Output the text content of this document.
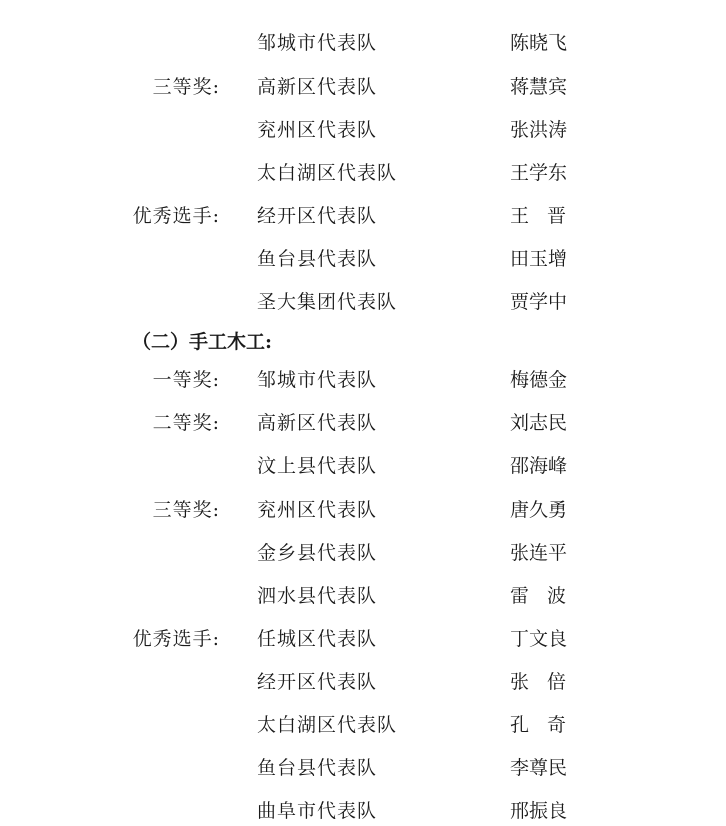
邹城市代表队	陈晓飞
三等奖: 高新区代表队	蒋慧宾
兖州区代表队	张洪涛
太白湖区代表队	王学东
优秀选手: 经开区代表队	王 晋
鱼台县代表队	田玉增
圣大集团代表队	贾学中
（二）手工木工:
一等奖: 邹城市代表队	梅德金
二等奖: 高新区代表队	刘志民
汶上县代表队	邵海峰
三等奖: 兖州区代表队	唐久勇
金乡县代表队	张连平
泗水县代表队	雷 波
优秀选手: 任城区代表队	丁文良
经开区代表队	张 倍
太白湖区代表队	孔 奇
鱼台县代表队	李尊民
曲阜市代表队	邢振良
